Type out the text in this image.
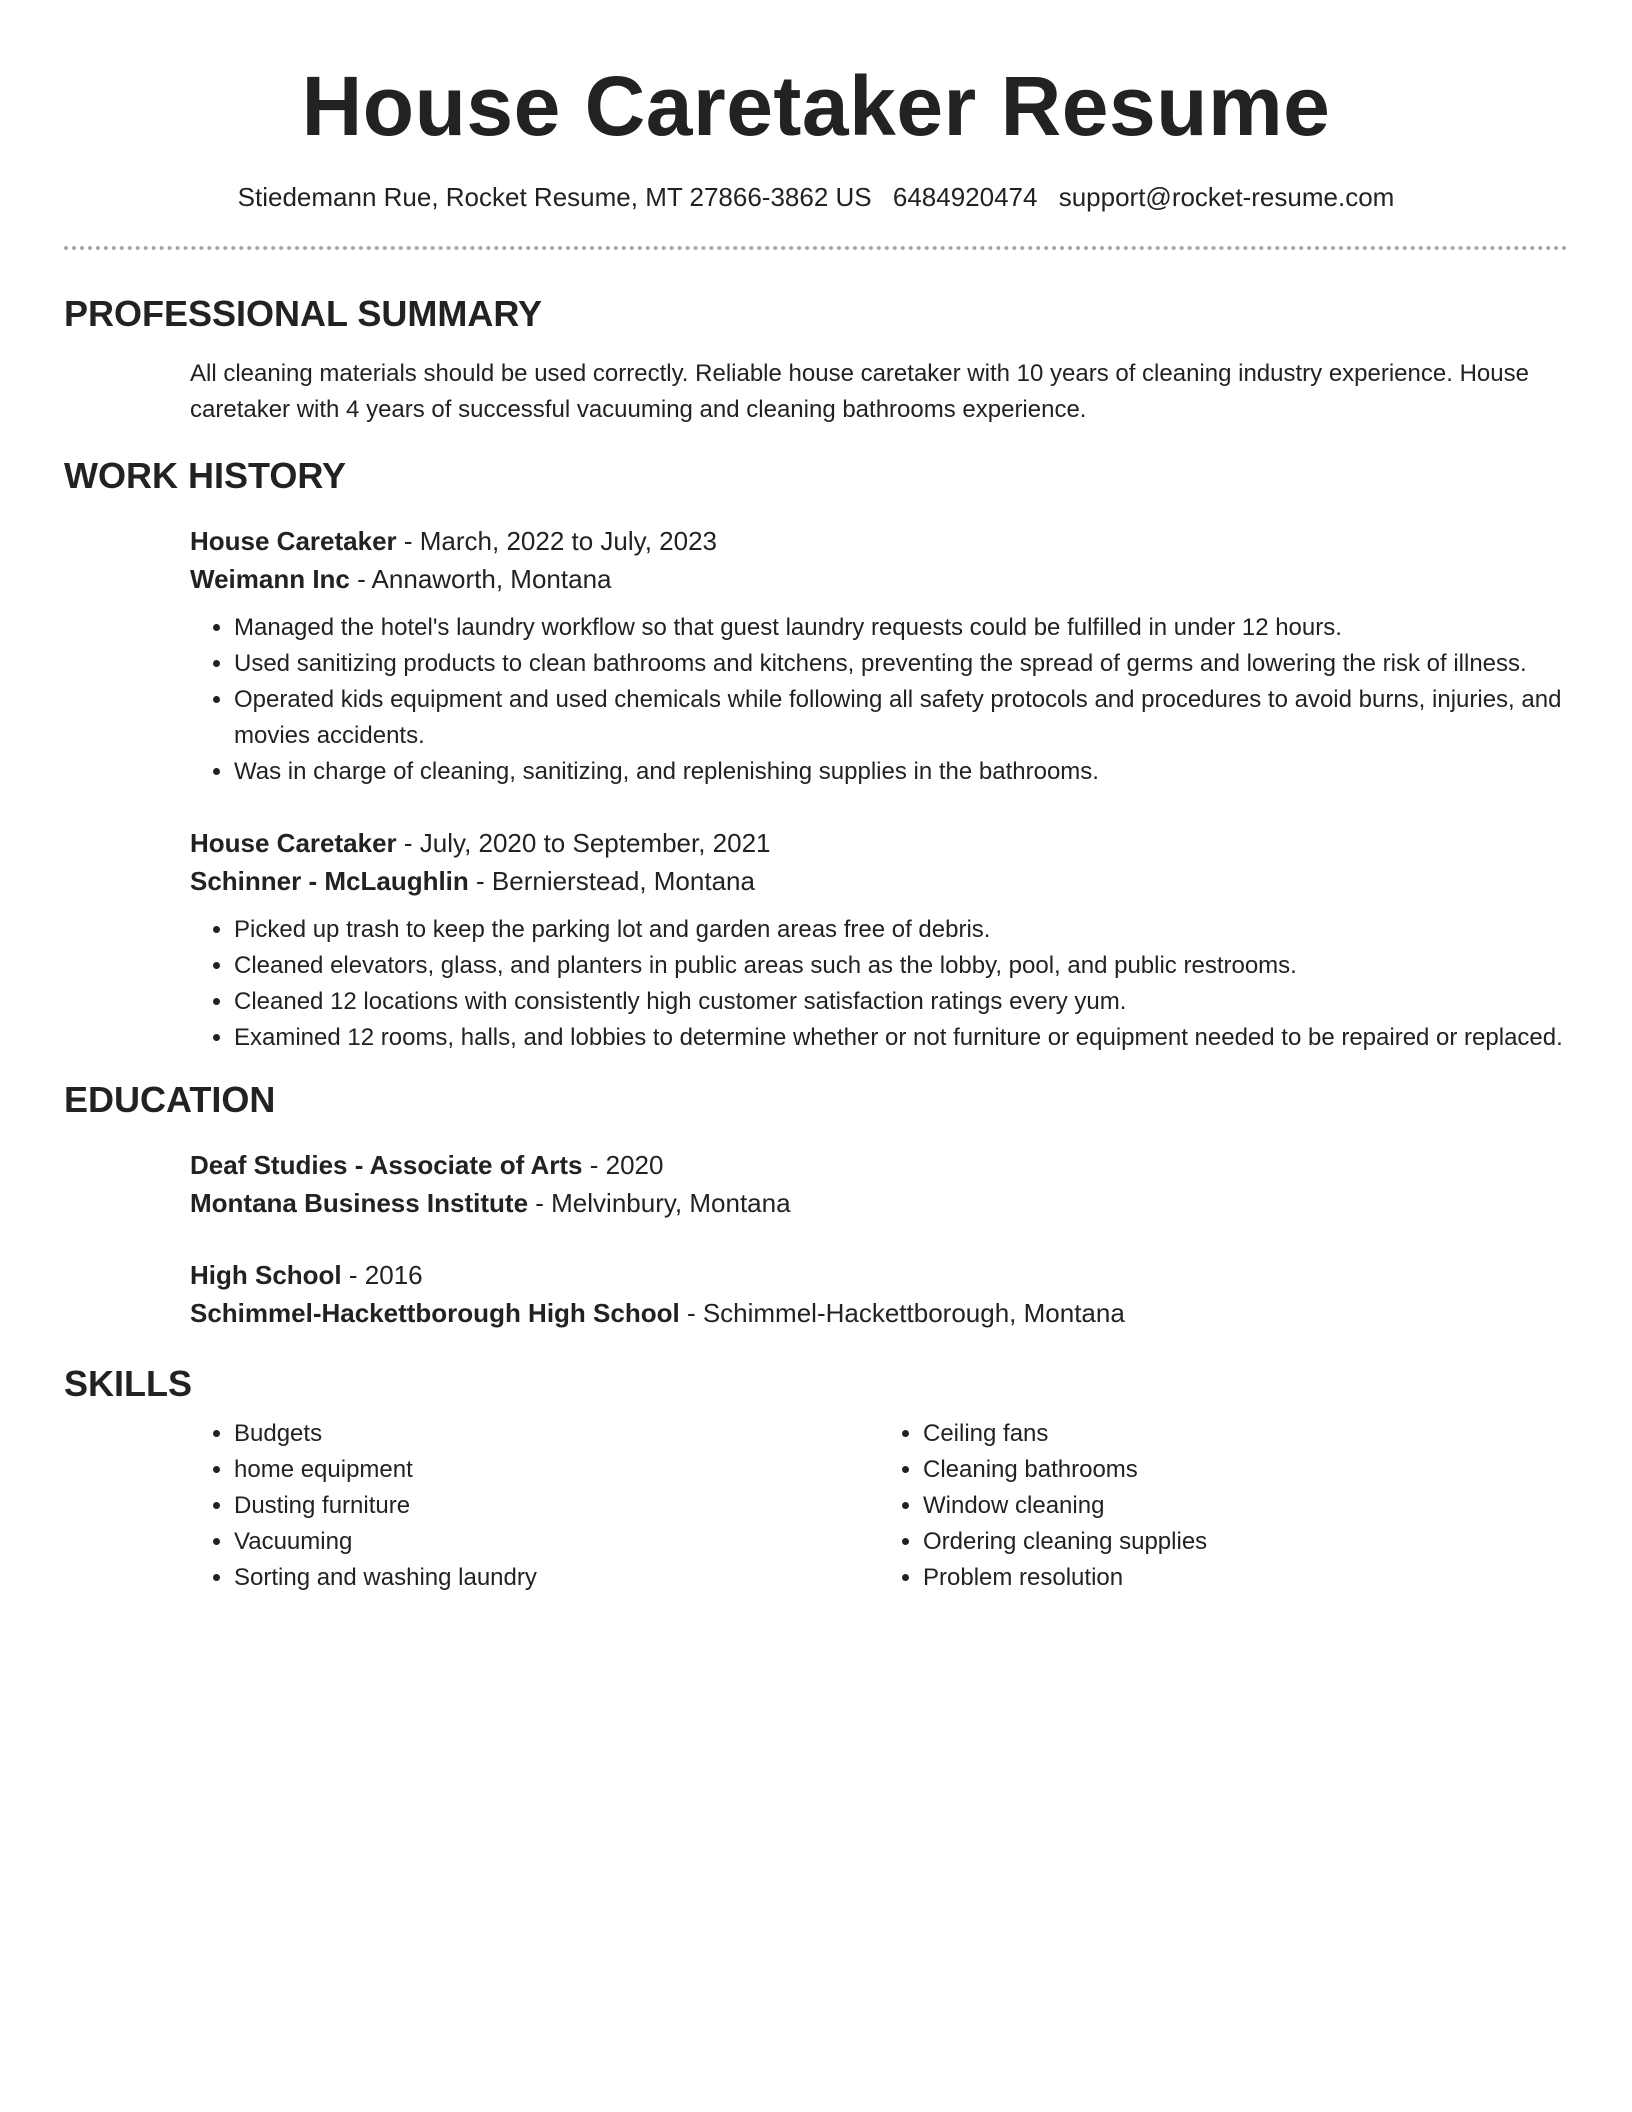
House Caretaker Resume
Stiedemann Rue, Rocket Resume, MT 27866-3862 US 6484920474 support@rocket-resume.com
PROFESSIONAL SUMMARY
All cleaning materials should be used correctly. Reliable house caretaker with 10 years of cleaning industry experience. House caretaker with 4 years of successful vacuuming and cleaning bathrooms experience.
WORK HISTORY
House Caretaker - March, 2022 to July, 2023
Weimann Inc - Annaworth, Montana
• Managed the hotel's laundry workflow so that guest laundry requests could be fulfilled in under 12 hours.
• Used sanitizing products to clean bathrooms and kitchens, preventing the spread of germs and lowering the risk of illness.
• Operated kids equipment and used chemicals while following all safety protocols and procedures to avoid burns, injuries, and movies accidents.
• Was in charge of cleaning, sanitizing, and replenishing supplies in the bathrooms.
House Caretaker - July, 2020 to September, 2021
Schinner - McLaughlin - Bernierstead, Montana
• Picked up trash to keep the parking lot and garden areas free of debris.
• Cleaned elevators, glass, and planters in public areas such as the lobby, pool, and public restrooms.
• Cleaned 12 locations with consistently high customer satisfaction ratings every yum.
• Examined 12 rooms, halls, and lobbies to determine whether or not furniture or equipment needed to be repaired or replaced.
EDUCATION
Deaf Studies - Associate of Arts - 2020
Montana Business Institute - Melvinbury, Montana
High School - 2016
Schimmel-Hackettborough High School - Schimmel-Hackettborough, Montana
SKILLS
• Budgets
• home equipment
• Dusting furniture
• Vacuuming
• Sorting and washing laundry
• Ceiling fans
• Cleaning bathrooms
• Window cleaning
• Ordering cleaning supplies
• Problem resolution
